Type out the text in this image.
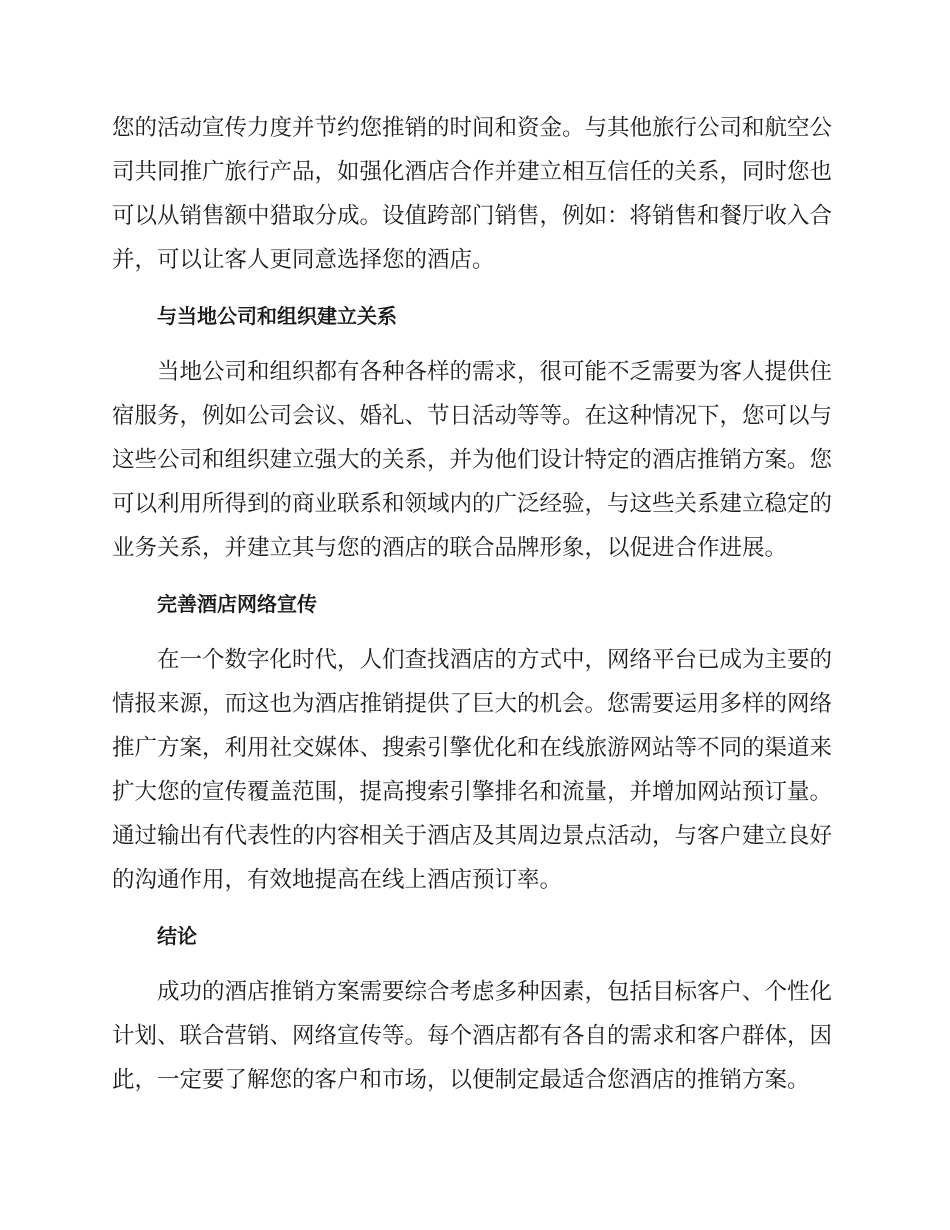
您的活动宣传力度并节约您推销的时间和资金。与其他旅行公司和航空公司共同推广旅行产品，如强化酒店合作并建立相互信任的关系，同时您也可以从销售额中猎取分成。设值跨部门销售，例如：将销售和餐厅收入合并，可以让客人更同意选择您的酒店。

与当地公司和组织建立关系

当地公司和组织都有各种各样的需求，很可能不乏需要为客人提供住宿服务，例如公司会议、婚礼、节日活动等等。在这种情况下，您可以与这些公司和组织建立强大的关系，并为他们设计特定的酒店推销方案。您可以利用所得到的商业联系和领域内的广泛经验，与这些关系建立稳定的业务关系，并建立其与您的酒店的联合品牌形象，以促进合作进展。

完善酒店网络宣传

在一个数字化时代，人们查找酒店的方式中，网络平台已成为主要的情报来源，而这也为酒店推销提供了巨大的机会。您需要运用多样的网络推广方案，利用社交媒体、搜索引擎优化和在线旅游网站等不同的渠道来扩大您的宣传覆盖范围，提高搜索引擎排名和流量，并增加网站预订量。通过输出有代表性的内容相关于酒店及其周边景点活动，与客户建立良好的沟通作用，有效地提高在线上酒店预订率。

结论

成功的酒店推销方案需要综合考虑多种因素，包括目标客户、个性化计划、联合营销、网络宣传等。每个酒店都有各自的需求和客户群体，因此，一定要了解您的客户和市场，以便制定最适合您酒店的推销方案。
